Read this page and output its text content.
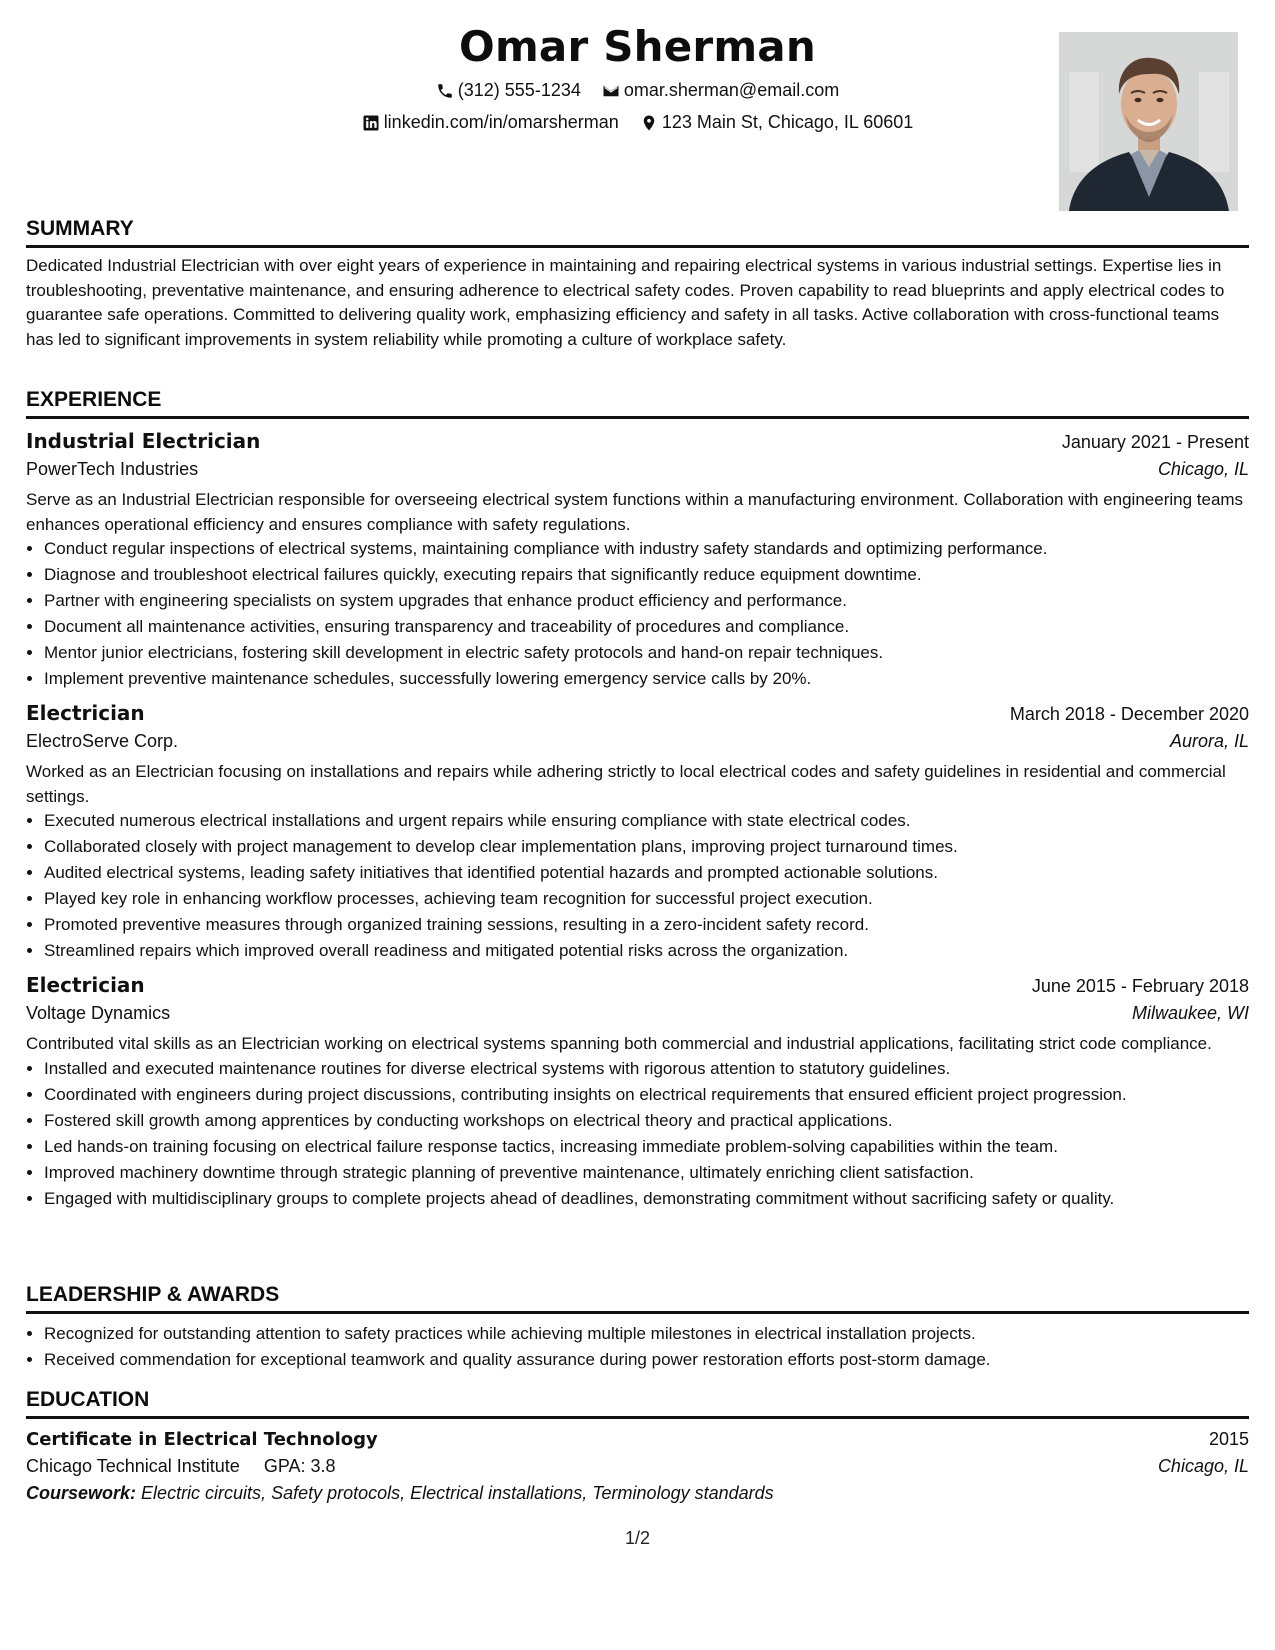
Omar Sherman
(312) 555-1234
omar.sherman@email.com
linkedin.com/in/omarsherman
123 Main St, Chicago, IL 60601
SUMMARY

Dedicated Industrial Electrician with over eight years of experience in maintaining and repairing electrical systems in various industrial settings. Expertise lies in troubleshooting, preventative maintenance, and ensuring adherence to electrical safety codes. Proven capability to read blueprints and apply electrical codes to guarantee safe operations. Committed to delivering quality work, emphasizing efficiency and safety in all tasks. Active collaboration with cross-functional teams has led to significant improvements in system reliability while promoting a culture of workplace safety.

EXPERIENCE
Industrial Electrician	January 2021 - Present
PowerTech Industries	Chicago, IL
Serve as an Industrial Electrician responsible for overseeing electrical system functions within a manufacturing environment. Collaboration with engineering teams enhances operational efficiency and ensures compliance with safety regulations.
• Conduct regular inspections of electrical systems, maintaining compliance with industry safety standards and optimizing performance.
• Diagnose and troubleshoot electrical failures quickly, executing repairs that significantly reduce equipment downtime.
• Partner with engineering specialists on system upgrades that enhance product efficiency and performance.
• Document all maintenance activities, ensuring transparency and traceability of procedures and compliance.
• Mentor junior electricians, fostering skill development in electric safety protocols and hand-on repair techniques.
• Implement preventive maintenance schedules, successfully lowering emergency service calls by 20%.
Electrician	March 2018 - December 2020
ElectroServe Corp.	Aurora, IL
Worked as an Electrician focusing on installations and repairs while adhering strictly to local electrical codes and safety guidelines in residential and commercial settings.
• Executed numerous electrical installations and urgent repairs while ensuring compliance with state electrical codes.
• Collaborated closely with project management to develop clear implementation plans, improving project turnaround times.
• Audited electrical systems, leading safety initiatives that identified potential hazards and prompted actionable solutions.
• Played key role in enhancing workflow processes, achieving team recognition for successful project execution.
• Promoted preventive measures through organized training sessions, resulting in a zero-incident safety record.
• Streamlined repairs which improved overall readiness and mitigated potential risks across the organization.
Electrician	June 2015 - February 2018
Voltage Dynamics	Milwaukee, WI
Contributed vital skills as an Electrician working on electrical systems spanning both commercial and industrial applications, facilitating strict code compliance.
• Installed and executed maintenance routines for diverse electrical systems with rigorous attention to statutory guidelines.
• Coordinated with engineers during project discussions, contributing insights on electrical requirements that ensured efficient project progression.
• Fostered skill growth among apprentices by conducting workshops on electrical theory and practical applications.
• Led hands-on training focusing on electrical failure response tactics, increasing immediate problem-solving capabilities within the team.
• Improved machinery downtime through strategic planning of preventive maintenance, ultimately enriching client satisfaction.
• Engaged with multidisciplinary groups to complete projects ahead of deadlines, demonstrating commitment without sacrificing safety or quality.
LEADERSHIP & AWARDS
• Recognized for outstanding attention to safety practices while achieving multiple milestones in electrical installation projects.
• Received commendation for exceptional teamwork and quality assurance during power restoration efforts post-storm damage.
EDUCATION
Certificate in Electrical Technology	2015
Chicago Technical Institute GPA: 3.8	Chicago, IL
Coursework: Electric circuits, Safety protocols, Electrical installations, Terminology standards
1/2
